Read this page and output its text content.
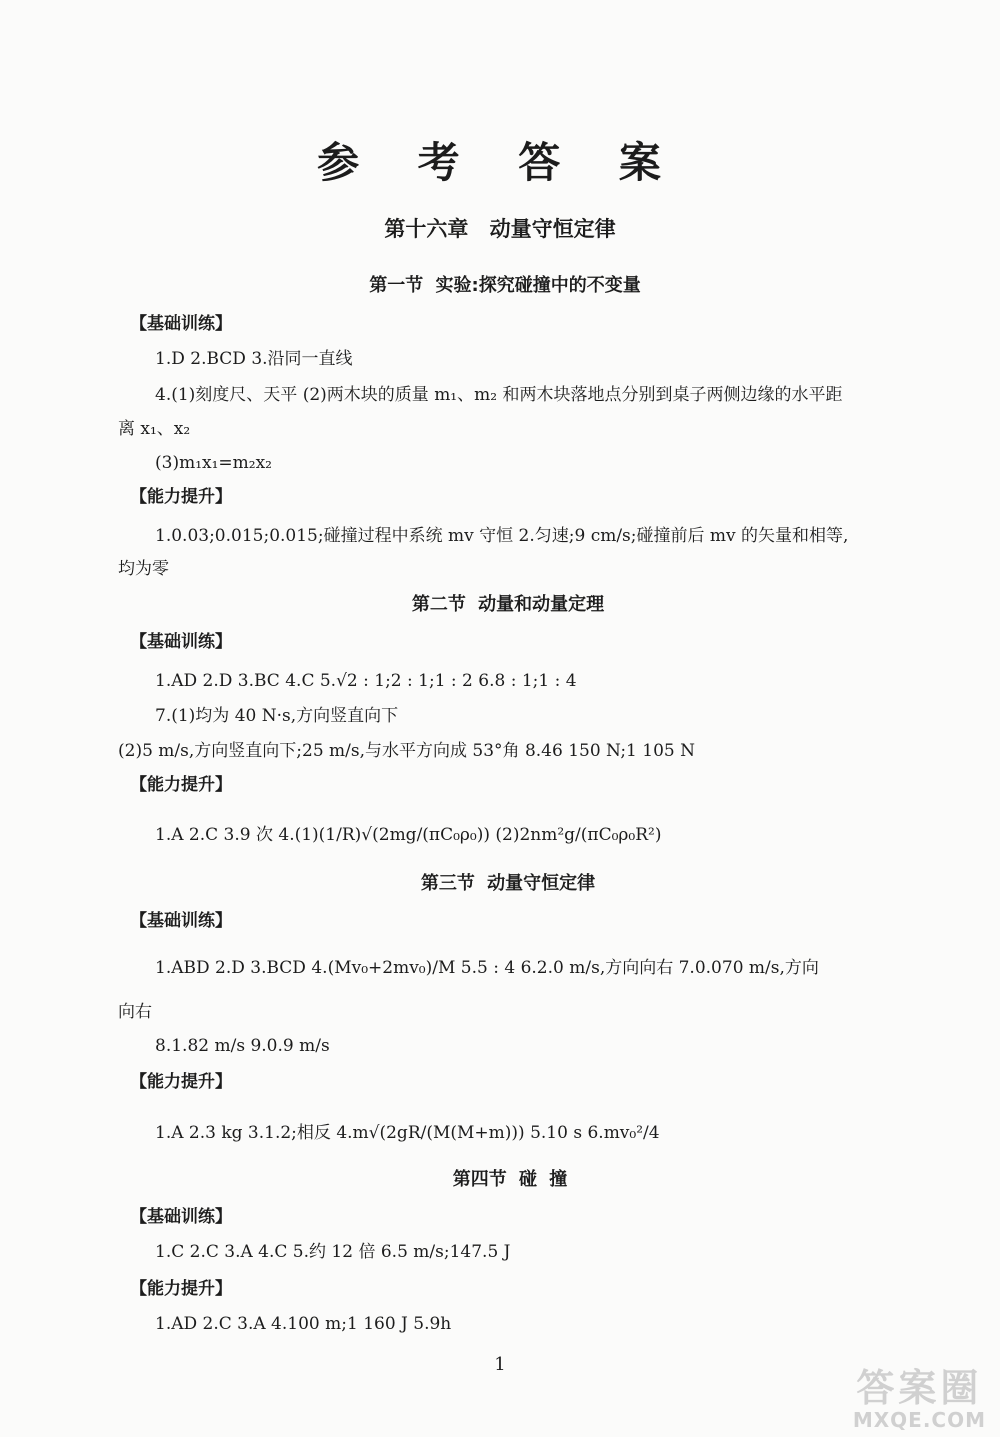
参 考 答 案
第十六章 动量守恒定律
第一节 实验:探究碰撞中的不变量
【基础训练】
1.D 2.BCD 3.沿同一直线
4.(1)刻度尺、天平 (2)两木块的质量 m₁、m₂ 和两木块落地点分别到桌子两侧边缘的水平距
离 x₁、x₂
(3)m₁x₁=m₂x₂
【能力提升】
1.0.03;0.015;0.015;碰撞过程中系统 mv 守恒 2.匀速;9 cm/s;碰撞前后 mv 的矢量和相等,
均为零
第二节 动量和动量定理
【基础训练】
1.AD 2.D 3.BC 4.C 5.√2 : 1;2 : 1;1 : 2 6.8 : 1;1 : 4
7.(1)均为 40 N·s,方向竖直向下
(2)5 m/s,方向竖直向下;25 m/s,与水平方向成 53°角 8.46 150 N;1 105 N
【能力提升】
1.A 2.C 3.9 次 4.(1)(1/R)√(2mg/(πC₀ρ₀)) (2)2nm²g/(πC₀ρ₀R²)
第三节 动量守恒定律
【基础训练】
1.ABD 2.D 3.BCD 4.(Mv₀+2mv₀)/M 5.5 : 4 6.2.0 m/s,方向向右 7.0.070 m/s,方向
向右
8.1.82 m/s 9.0.9 m/s
【能力提升】
1.A 2.3 kg 3.1.2;相反 4.m√(2gR/(M(M+m))) 5.10 s 6.mv₀²/4
第四节 碰 撞
【基础训练】
1.C 2.C 3.A 4.C 5.约 12 倍 6.5 m/s;147.5 J
【能力提升】
1.AD 2.C 3.A 4.100 m;1 160 J 5.9h
1
答案圈
MXQE.COM
